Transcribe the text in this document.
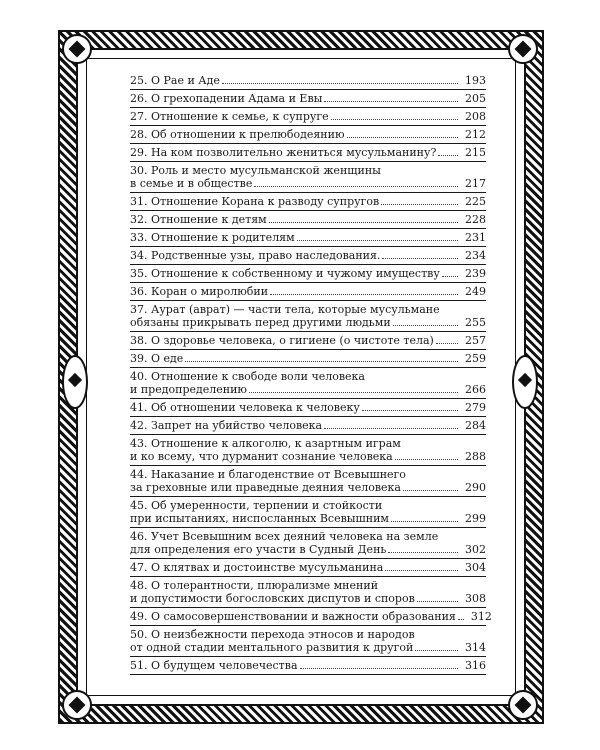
25. О Рае и Аде	193
26. О грехопадении Адама и Евы	205
27. Отношение к семье, к супруге	208
28. Об отношении к прелюбодеянию	212
29. На ком позволительно жениться мусульманину?	215
30. Роль и место мусульманской женщины
в семье и в обществе	217
31. Отношение Корана к разводу супругов	225
32. Отношение к детям	228
33. Отношение к родителям	231
34. Родственные узы, право наследования.	234
35. Отношение к собственному и чужому имуществу 239
36. Коран о миролюбии	249
37. Аурат (аврат) — части тела, которые мусульмане
обязаны прикрывать перед другими людьми	255
38. О здоровье человека, о гигиене (о чистоте тела)	257
39. О еде	259
40. Отношение к свободе воли человека
и предопределению	266
41. Об отношении человека к человеку	279
42. Запрет на убийство человека	284
43. Отношение к алкоголю, к азартным играм
и ко всему, что дурманит сознание человека	288
44. Наказание и благоденствие от Всевышнего
за греховные или праведные деяния человека	290
45. Об умеренности, терпении и стойкости
при испытаниях, ниспосланных Всевышним	299
46. Учет Всевышним всех деяний человека на земле
для определения его участи в Судный День	302
47. О клятвах и достоинстве мусульманина	304
48. О толерантности, плюрализме мнений
и допустимости богословских диспутов и споров	308
49. О самосовершенствовании и важности образования 312
50. О неизбежности перехода этносов и народов
от одной стадии ментального развития к другой	314
51. О будущем человечества	316
